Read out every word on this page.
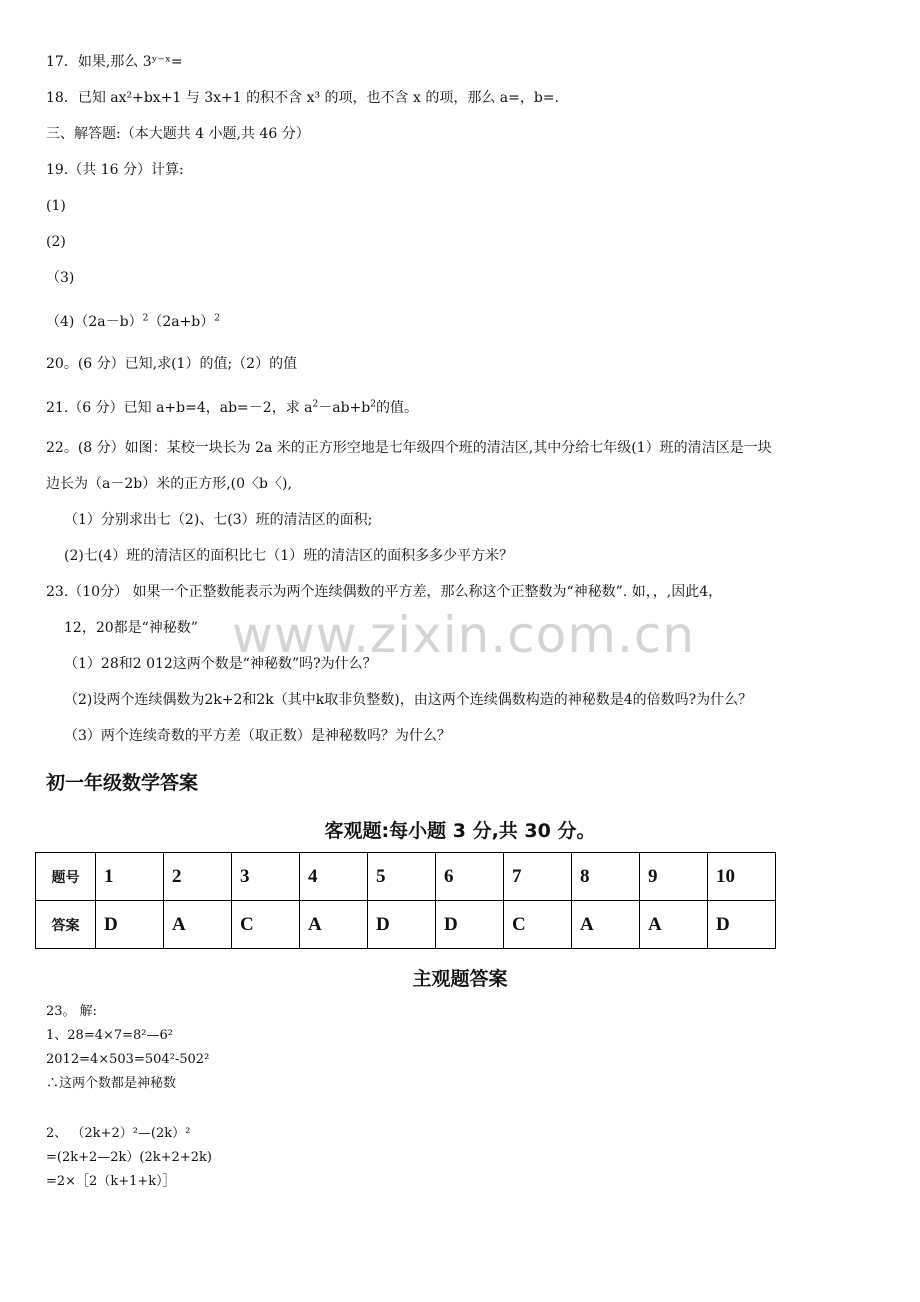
www.zixin.com.cn
17．如果,那么 3ʸ⁻ˣ=
18．已知 ax²+bx+1 与 3x+1 的积不含 x³ 的项，也不含 x 的项，那么 a=，b=.
三、解答题:（本大题共 4 小题,共 46 分）
19.（共 16 分）计算:
(1)
(2)
（3)
$(4)(2a-b)^2(2a+b)^2$
20。(6 分）已知,求(1）的值;（2）的值
21.（6 分）已知 a+b=4，ab=－2，求 $a^2-ab+b^2$的值。
22。(8 分）如图：某校一块长为 2a 米的正方形空地是七年级四个班的清洁区,其中分给七年级(1）班的清洁区是一块
边长为（a－2b）米的正方形,(0〈b〈),
（1）分别求出七（2)、七(3）班的清洁区的面积;
(2)七(4）班的清洁区的面积比七（1）班的清洁区的面积多多少平方米？
23.（10分） 如果一个正整数能表示为两个连续偶数的平方差，那么称这个正整数为“神秘数”. 如，，,因此4，
12，20都是“神秘数”
（1）28和2 012这两个数是“神秘数”吗?为什么？
（2)设两个连续偶数为2k+2和2k（其中k取非负整数)，由这两个连续偶数构造的神秘数是4的倍数吗?为什么？
（3）两个连续奇数的平方差（取正数）是神秘数吗？为什么？
初一年级数学答案
客观题:每小题 3 分,共 30 分。
题号	1	2	3	4	5	6	7	8	9	10
答案	D	A	C	A	D	D	C	A	A	D
主观题答案
23。 解:
1、28=4×7=8²—6²
2012=4×503=504²-502²
∴这两个数都是神秘数
2、 （2k+2）²—(2k）²
=(2k+2—2k）(2k+2+2k)
=2×［2（k+1+k）］
